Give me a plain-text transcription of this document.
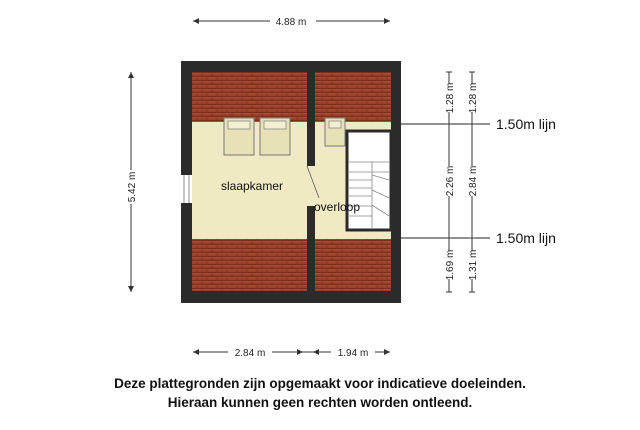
4.88 m
5.42 m	slaapkamer
overloop
1.50m lijn
1.50m lijn
1.28 m
2.26 m
1.69 m
1.28 m
2.84 m
1.31 m
2.84 m	1.94 m
Deze plattegronden zijn opgemaakt voor indicatieve doeleinden.
Hieraan kunnen geen rechten worden ontleend.
